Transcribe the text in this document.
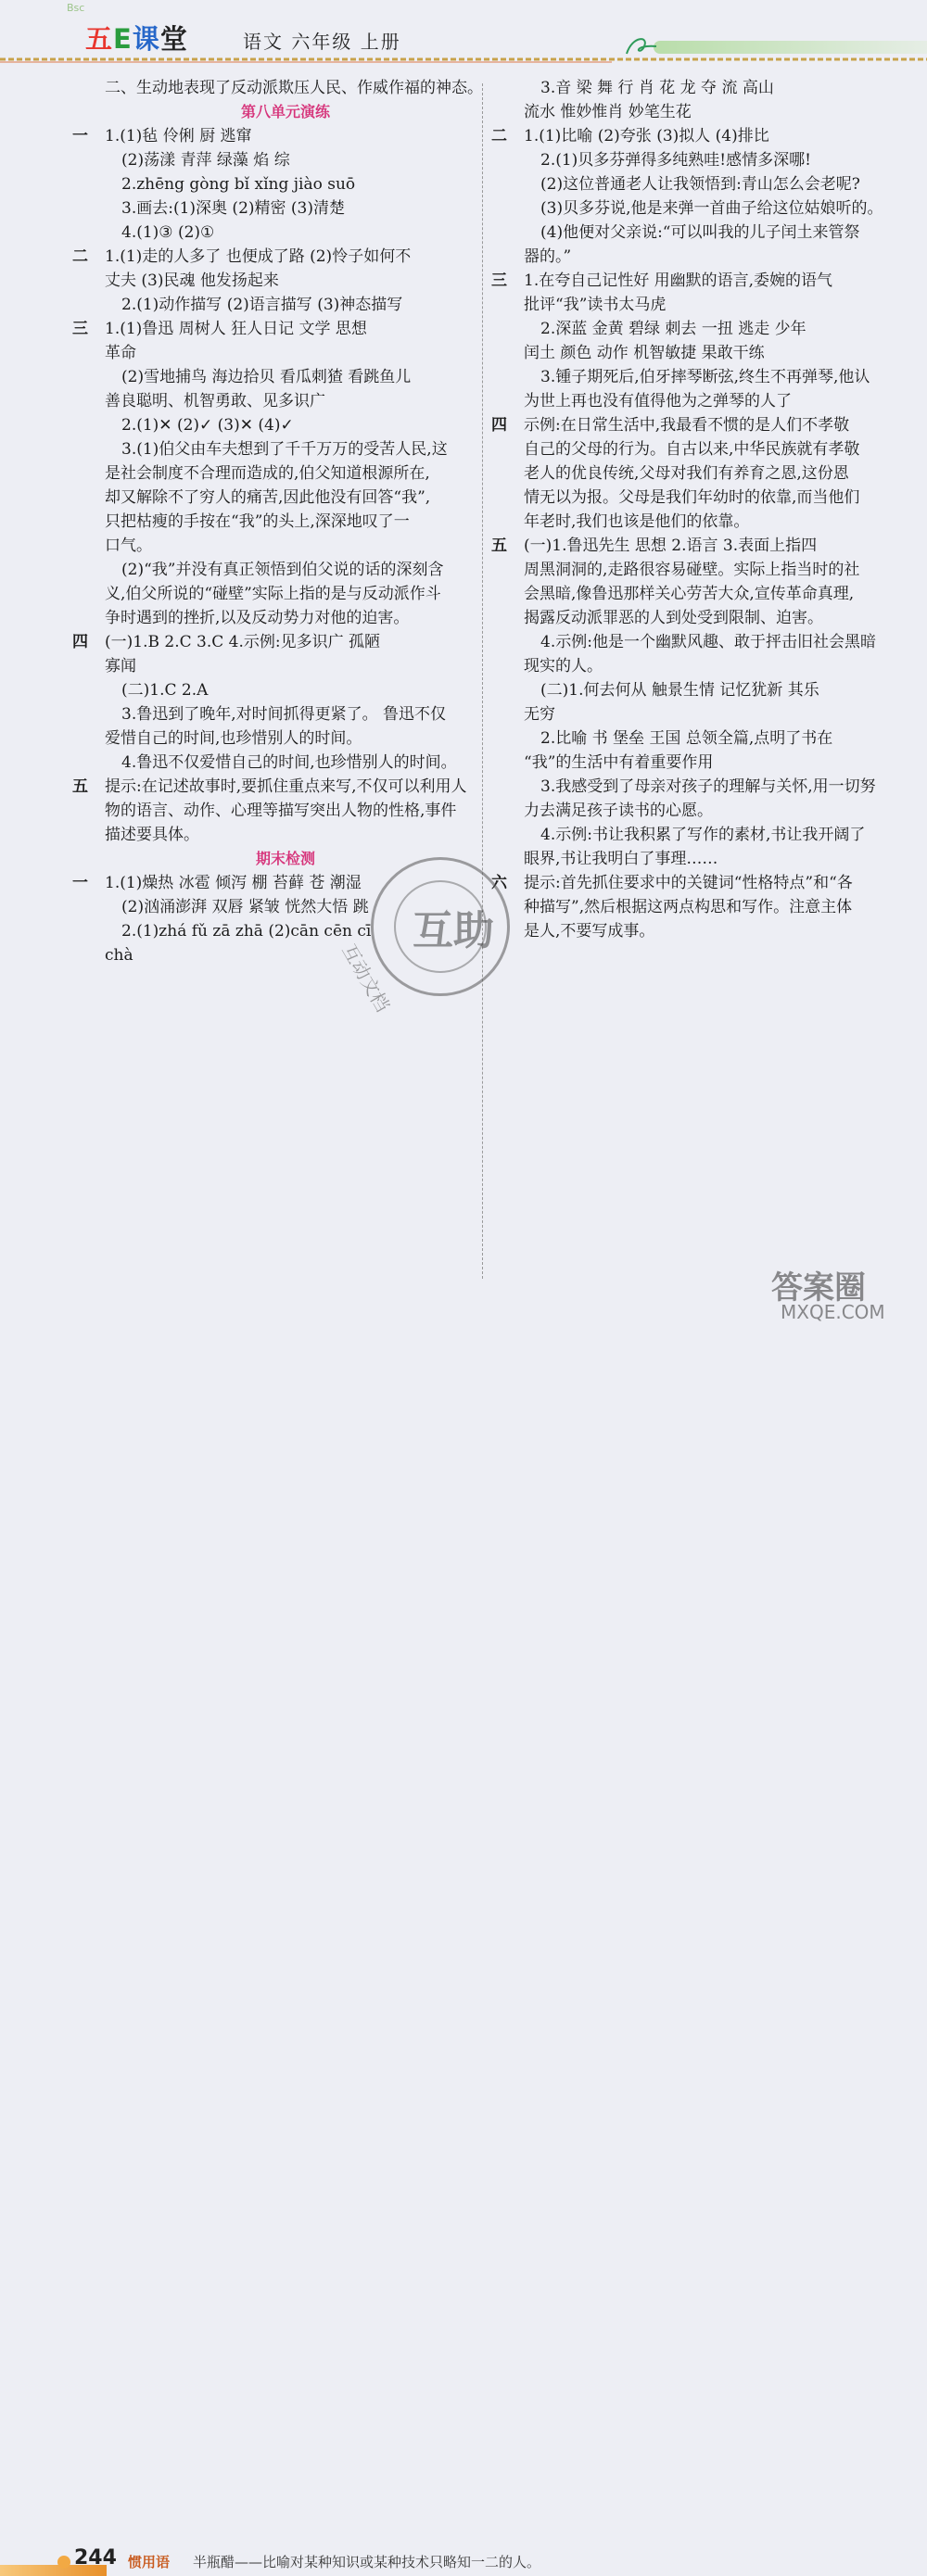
Bsc
五E课堂	语文 六年级 上册
二、生动地表现了反动派欺压人民、作威作福的神态。
第八单元演练
一 1.(1)毡 伶俐 厨 逃窜
(2)荡漾 青萍 绿藻 焰 综
2.zhēng gòng bǐ xǐng jiào suō
3.画去:(1)深奥 (2)精密 (3)清楚
4.(1)③ (2)①
二 1.(1)走的人多了 也便成了路 (2)怜子如何不
丈夫 (3)民魂 他发扬起来
2.(1)动作描写 (2)语言描写 (3)神态描写
三 1.(1)鲁迅 周树人 狂人日记 文学 思想
革命
(2)雪地捕鸟 海边拾贝 看瓜刺猹 看跳鱼儿
善良聪明、机智勇敢、见多识广
2.(1)✕ (2)✓ (3)✕ (4)✓
3.(1)伯父由车夫想到了千千万万的受苦人民,这
是社会制度不合理而造成的,伯父知道根源所在,
却又解除不了穷人的痛苦,因此他没有回答“我”,
只把枯瘦的手按在“我”的头上,深深地叹了一
口气。
(2)“我”并没有真正领悟到伯父说的话的深刻含
义,伯父所说的“碰壁”实际上指的是与反动派作斗
争时遇到的挫折,以及反动势力对他的迫害。
四 (一)1.B 2.C 3.C 4.示例:见多识广 孤陋
寡闻
(二)1.C 2.A
3.鲁迅到了晚年,对时间抓得更紧了。 鲁迅不仅
爱惜自己的时间,也珍惜别人的时间。
4.鲁迅不仅爱惜自己的时间,也珍惜别人的时间。
五 提示:在记述故事时,要抓住重点来写,不仅可以利用人
物的语言、动作、心理等描写突出人物的性格,事件
描述要具体。
期末检测
一 1.(1)燥热 冰雹 倾泻 棚 苔藓 苍 潮湿
(2)汹涌澎湃 双唇 紧皱 恍然大悟 跳
2.(1)zhá fǔ zā zhā (2)cān cēn cī
chà
3.音 梁 舞 行 肖 花 龙 夺 流 高山
流水 惟妙惟肖 妙笔生花
二 1.(1)比喻 (2)夸张 (3)拟人 (4)排比
2.(1)贝多芬弹得多纯熟哇!感情多深哪!
(2)这位普通老人让我领悟到:青山怎么会老呢?
(3)贝多芬说,他是来弹一首曲子给这位姑娘听的。
(4)他便对父亲说:“可以叫我的儿子闰土来管祭
器的。”
三 1.在夸自己记性好 用幽默的语言,委婉的语气
批评“我”读书太马虎
2.深蓝 金黄 碧绿 刺去 一扭 逃走 少年
闰土 颜色 动作 机智敏捷 果敢干练
3.锺子期死后,伯牙摔琴断弦,终生不再弹琴,他认
为世上再也没有值得他为之弹琴的人了
四 示例:在日常生活中,我最看不惯的是人们不孝敬
自己的父母的行为。自古以来,中华民族就有孝敬
老人的优良传统,父母对我们有养育之恩,这份恩
情无以为报。父母是我们年幼时的依靠,而当他们
年老时,我们也该是他们的依靠。
五 (一)1.鲁迅先生 思想 2.语言 3.表面上指四
周黑洞洞的,走路很容易碰壁。实际上指当时的社
会黑暗,像鲁迅那样关心劳苦大众,宣传革命真理,
揭露反动派罪恶的人到处受到限制、迫害。
4.示例:他是一个幽默风趣、敢于抨击旧社会黑暗
现实的人。
(二)1.何去何从 触景生情 记忆犹新 其乐
无穷
2.比喻 书 堡垒 王国 总领全篇,点明了书在
“我”的生活中有着重要作用
3.我感受到了母亲对孩子的理解与关怀,用一切努
力去满足孩子读书的心愿。
4.示例:书让我积累了写作的素材,书让我开阔了
眼界,书让我明白了事理……
六 提示:首先抓住要求中的关键词“性格特点”和“各
种描写”,然后根据这两点构思和写作。注意主体
是人,不要写成事。
互助
互动文档
244 惯用语 半瓶醋——比喻对某种知识或某种技术只略知一二的人。
答案圈
MXQE.COM
